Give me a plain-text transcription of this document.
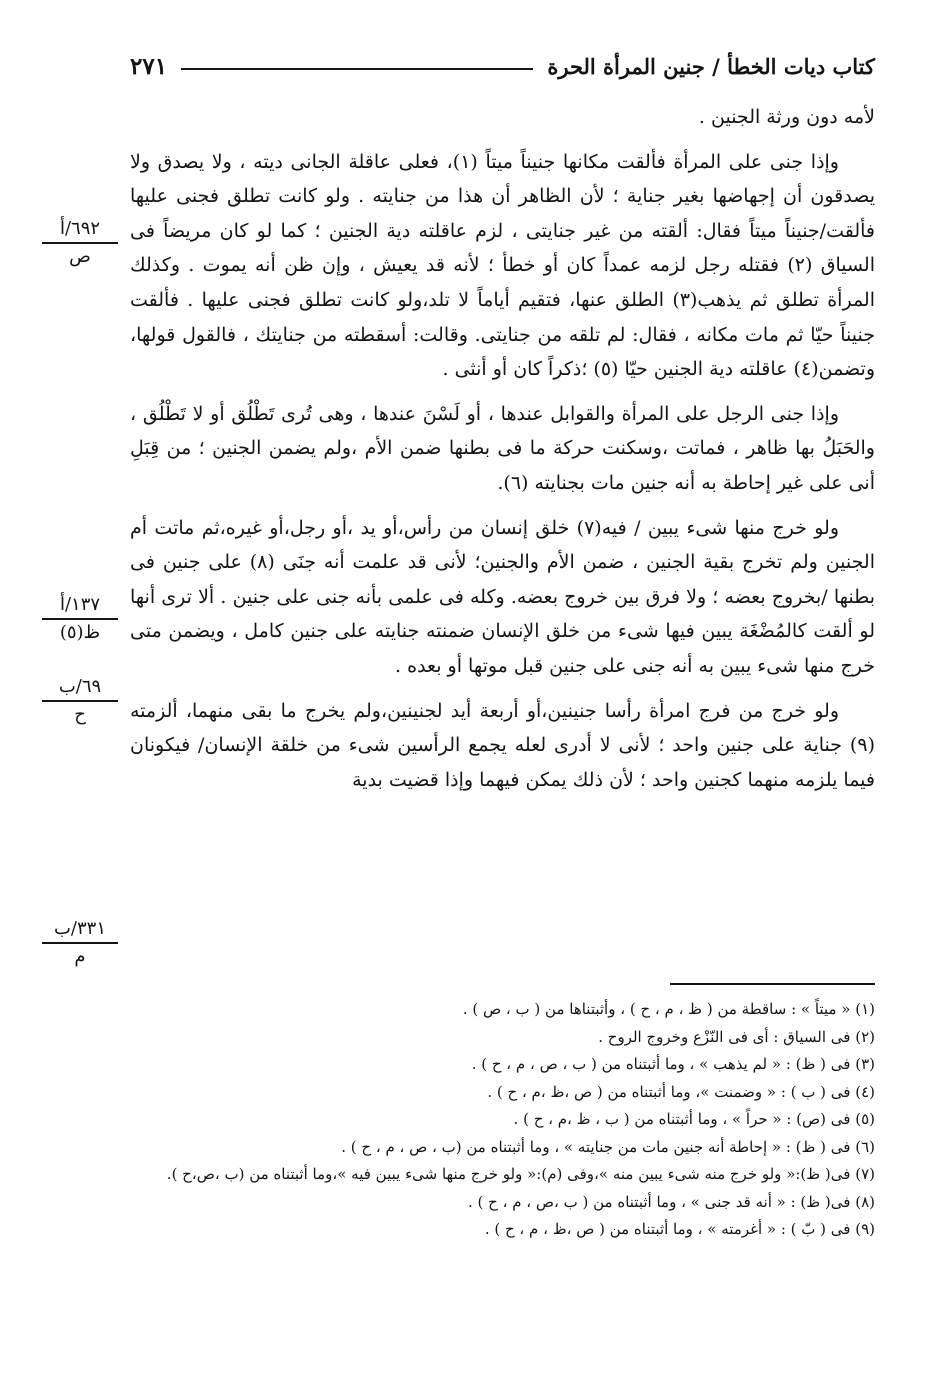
كتاب ديات الخطأ / جنين المرأة الحرة
٢٧١

لأمه دون ورثة الجنين .

وإذا جنى على المرأة فألقت مكانها جنيناً ميتاً (١)، فعلى عاقلة الجانى ديته ، ولا يصدق ولا يصدقون أن إجهاضها بغير جناية ؛ لأن الظاهر أن هذا من جنايته . ولو كانت تطلق فجنى عليها فألقت/جنيناً ميتاً فقال: ألقته من غير جنايتى ، لزم عاقلته دية الجنين ؛ كما لو كان مريضاً فى السياق (٢) فقتله رجل لزمه عمداً كان أو خطأ ؛ لأنه قد يعيش ، وإن ظن أنه يموت . وكذلك المرأة تطلق ثم يذهب(٣) الطلق عنها، فتقيم أياماً لا تلد،ولو كانت تطلق فجنى عليها . فألقت جنيناً حيّا ثم مات مكانه ، فقال: لم تلقه من جنايتى. وقالت: أسقطته من جنايتك ، فالقول قولها، وتضمن(٤) عاقلته دية الجنين حيّا (٥) ؛ذكراً كان أو أنثى .

وإذا جنى الرجل على المرأة والقوابل عندها ، أو لَسْنَ عندها ، وهى تُرى تَطْلُق أو لا تَطْلُق ، والحَبَلُ بها ظاهر ، فماتت ،وسكنت حركة ما فى بطنها ضمن الأم ،ولم يضمن الجنين ؛ من قِبَلِ أنى على غير إحاطة به أنه جنين مات بجنايته (٦).

ولو خرج منها شىء يبين / فيه(٧) خلق إنسان من رأس،أو يد ،أو رجل،أو غيره،ثم ماتت أم الجنين ولم تخرج بقية الجنين ، ضمن الأم والجنين؛ لأنى قد علمت أنه جنَى (٨) على جنين فى بطنها /بخروج بعضه ؛ ولا فرق بين خروج بعضه. وكله فى علمى بأنه جنى على جنين . ألا ترى أنها لو ألقت كالمُضْغَة يبين فيها شىء من خلق الإنسان ضمنته جنايته على جنين كامل ، ويضمن متى خرج منها شىء يبين به أنه جنى على جنين قبل موتها أو بعده .

ولو خرج من فرج امرأة رأسا جنينين،أو أربعة أيد لجنينين،ولم يخرج ما بقى منهما، ألزمته (٩) جناية على جنين واحد ؛ لأنى لا أدرى لعله يجمع الرأسين شىء من خلقة الإنسان/ فيكونان فيما يلزمه منهما كجنين واحد ؛ لأن ذلك يمكن فيهما وإذا قضيت بدية

٦٩٢/أ
ص
١٣٧/أ
ظ(٥)
٦٩/ب
ح
٣٣١/ب
م
(١) « ميتاً » : ساقطة من ( ظ ، م ، ح ) ، وأثبتناها من ( ب ، ص ) .
(٢) فى السياق : أى فى النّزْع وخروج الروح .
(٣) فى ( ظ) : « لم يذهب » ، وما أثبتناه من ( ب ، ص ، م ، ح ) .
(٤) فى ( ب ) : « وضمنت »، وما أثبتناه من ( ص ،ظ ،م ، ح ) .
(٥) فى (ص) : « حراً » ، وما أثبتناه من ( ب ، ظ ،م ، ح ) .
(٦) فى ( ظ) : « إحاطة أنه جنين مات من جنايته » ، وما أثبتناه من (ب ، ص ، م ، ح ) .
(٧) فى( ظ):« ولو خرج منه شىء يبين منه »،وفى (م):« ولو خرج منها شىء يبين فيه »،وما أثبتناه من (ب ،ص،ح ).
(٨) فى( ظ) : « أنه قد جنى » ، وما أثبتناه من ( ب ،ص ، م ، ح ) .
(٩) فى ( بّ ) : « أغرمته » ، وما أثبتناه من ( ص ،ظ ، م ، ح ) .
